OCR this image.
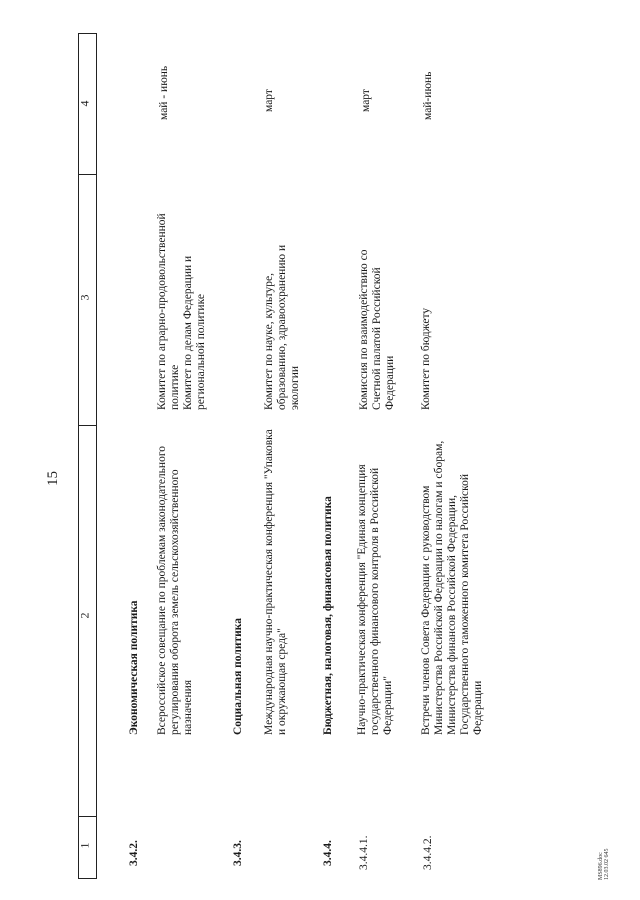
15
1
2
3
4
3.4.2.
Экономическая политика Всероссийское совещание по проблемам законодательного регулирования оборота земель сельскохозяйственного назначения
Комитет по аграрно-продовольственной политике Комитет по делам Федерации и региональной политике
май - июнь
3.4.3.
Социальная политика Международная научно-практическая конференция "Упаковка и окружающая среда"
Комитет по науке, культуре, образованию, здравоохранению и экологии
март
3.4.4.
Бюджетная, налоговая, финансовая политика
3.4.4.1.
Научно-практическая конференция "Единая концепция государственного финансового контроля в Российской Федерации"
Комиссия по взаимодействию со Счетной палатой Российской Федерации
март
3.4.4.2.
Встречи членов Совета Федерации с руководством Министерства Российской Федерации по налогам и сборам, Министерства финансов Российской Федерации, Государственного таможенного комитета Российской Федерации
Комитет по бюджету
май-июнь
MS896.doc 12.03.02 645
